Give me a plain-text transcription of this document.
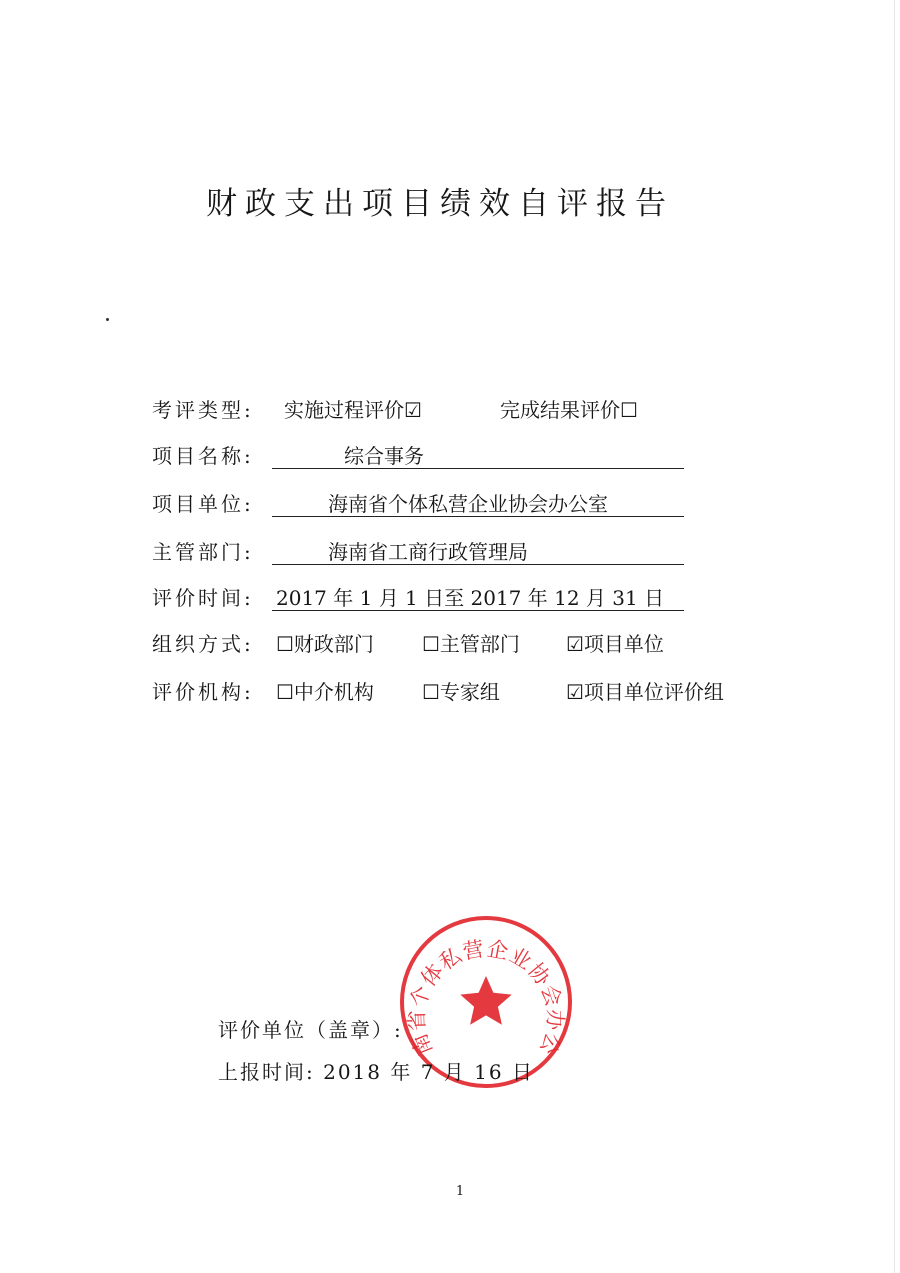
财政支出项目绩效自评报告
考评类型: 实施过程评价☑	完成结果评价☐
项目名称:	综合事务
项目单位:	海南省个体私营企业协会办公室
主管部门:	海南省工商行政管理局
评价时间: 2017 年 1 月 1 日至 2017 年 12 月 31 日
组织方式: ☐财政部门 ☐主管部门 ☑项目单位
评价机构: ☐中介机构 ☐专家组	☑项目单位评价组
南省个体私营企业协会办公
评价单位（盖章）:
上报时间: 2018 年 7 月 16 日
1
